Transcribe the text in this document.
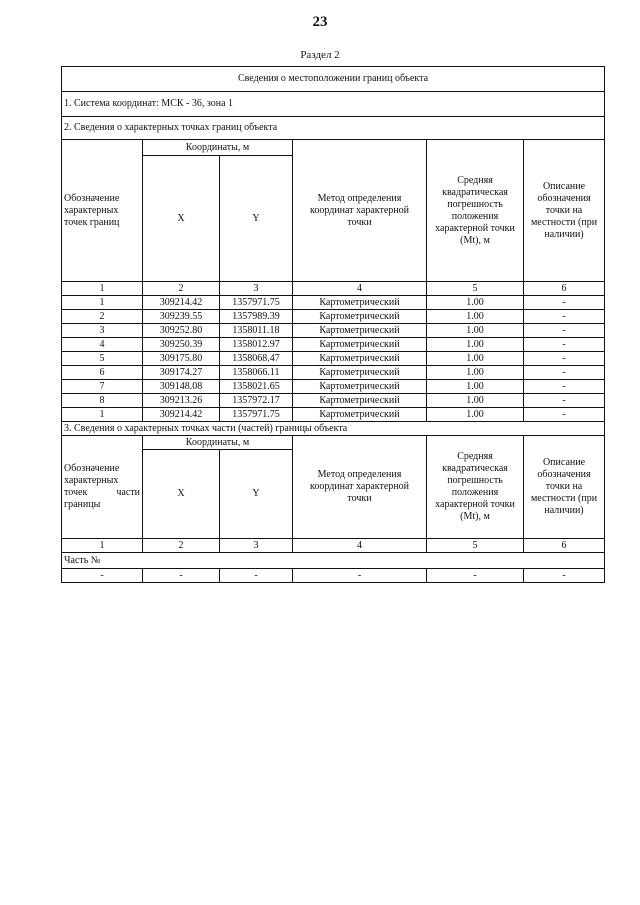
23
Раздел 2
Сведения о местоположении границ объекта					
1. Система координат: МСК - 36, зона 1					
2. Сведения о характерных точках границ объекта					
Обозначение характерных точек границ	Координаты, м		Метод определения координат характерной точки	Средняя квадратическая погрешность положения характерной точки (Mt), м	Описание обозначения точки на местности (при наличии)
	X	Y			
1	2	3	4	5	6
1	309214.42	1357971.75	Картометрический	1.00	-
2	309239.55	1357989.39	Картометрический	1.00	-
3	309252.80	1358011.18	Картометрический	1.00	-
4	309250.39	1358012.97	Картометрический	1.00	-
5	309175.80	1358068.47	Картометрический	1.00	-
6	309174.27	1358066.11	Картометрический	1.00	-
7	309148.08	1358021.65	Картометрический	1.00	-
8	309213.26	1357972.17	Картометрический	1.00	-
1	309214.42	1357971.75	Картометрический	1.00	-
3. Сведения о характерных точках части (частей) границы объекта					
Обозначение характерных точек части границы	Координаты, м		Метод определения координат характерной точки	Средняя квадратическая погрешность положения характерной точки (Mt), м	Описание обозначения точки на местности (при наличии)
	X	Y			
1	2	3	4	5	6
Часть №					
-	-	-	-	-	-
